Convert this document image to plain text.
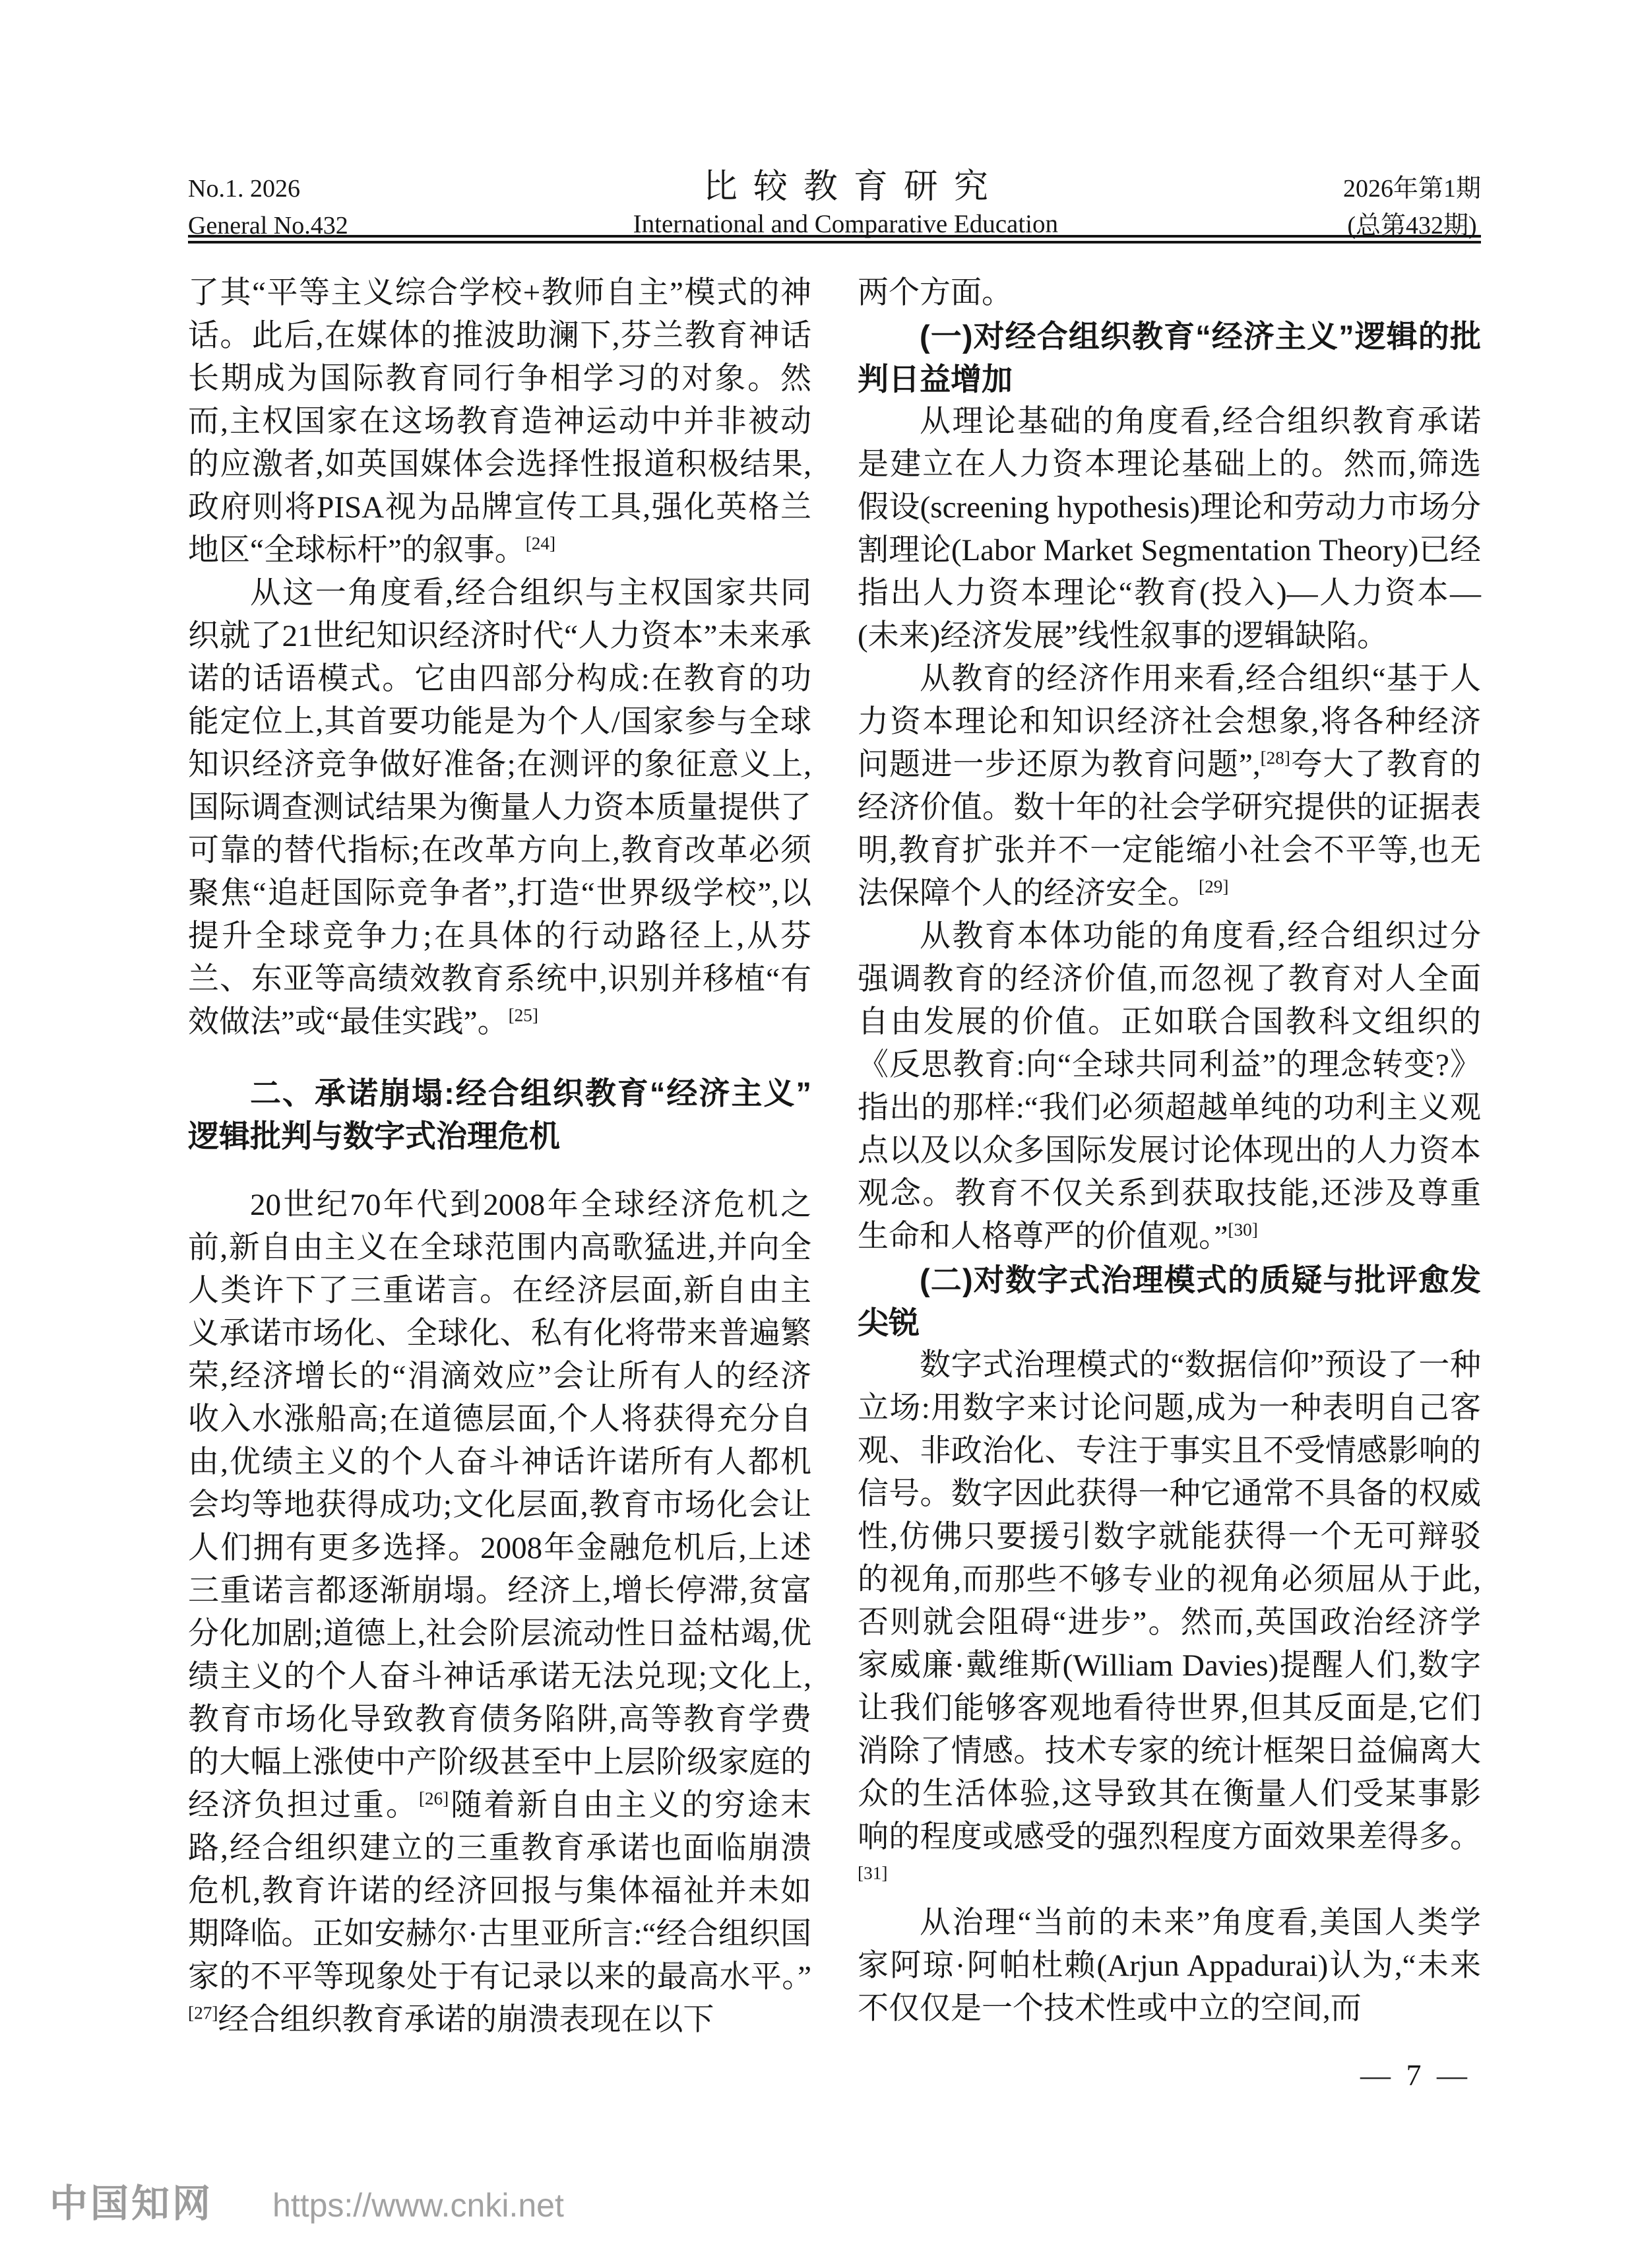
No.1. 2026
General No.432
比较教育研究
International and Comparative Education
2026年第1期
(总第432期)

了其“平等主义综合学校+教师自主”模式的神话。此后,在媒体的推波助澜下,芬兰教育神话长期成为国际教育同行争相学习的对象。然而,主权国家在这场教育造神运动中并非被动的应激者,如英国媒体会选择性报道积极结果,政府则将PISA视为品牌宣传工具,强化英格兰地区“全球标杆”的叙事。[24]

从这一角度看,经合组织与主权国家共同织就了21世纪知识经济时代“人力资本”未来承诺的话语模式。它由四部分构成:在教育的功能定位上,其首要功能是为个人/国家参与全球知识经济竞争做好准备;在测评的象征意义上,国际调查测试结果为衡量人力资本质量提供了可靠的替代指标;在改革方向上,教育改革必须聚焦“追赶国际竞争者”,打造“世界级学校”,以提升全球竞争力;在具体的行动路径上,从芬兰、东亚等高绩效教育系统中,识别并移植“有效做法”或“最佳实践”。[25]

二、承诺崩塌:经合组织教育“经济主义”逻辑批判与数字式治理危机

20世纪70年代到2008年全球经济危机之前,新自由主义在全球范围内高歌猛进,并向全人类许下了三重诺言。在经济层面,新自由主义承诺市场化、全球化、私有化将带来普遍繁荣,经济增长的“涓滴效应”会让所有人的经济收入水涨船高;在道德层面,个人将获得充分自由,优绩主义的个人奋斗神话许诺所有人都机会均等地获得成功;文化层面,教育市场化会让人们拥有更多选择。2008年金融危机后,上述三重诺言都逐渐崩塌。经济上,增长停滞,贫富分化加剧;道德上,社会阶层流动性日益枯竭,优绩主义的个人奋斗神话承诺无法兑现;文化上,教育市场化导致教育债务陷阱,高等教育学费的大幅上涨使中产阶级甚至中上层阶级家庭的经济负担过重。[26]随着新自由主义的穷途末路,经合组织建立的三重教育承诺也面临崩溃危机,教育许诺的经济回报与集体福祉并未如期降临。正如安赫尔·古里亚所言:“经合组织国家的不平等现象处于有记录以来的最高水平。”[27]经合组织教育承诺的崩溃表现在以下

两个方面。

(一)对经合组织教育“经济主义”逻辑的批判日益增加

从理论基础的角度看,经合组织教育承诺是建立在人力资本理论基础上的。然而,筛选假设(screening hypothesis)理论和劳动力市场分割理论(Labor Market Segmentation Theory)已经指出人力资本理论“教育(投入)—人力资本—(未来)经济发展”线性叙事的逻辑缺陷。

从教育的经济作用来看,经合组织“基于人力资本理论和知识经济社会想象,将各种经济问题进一步还原为教育问题”,[28]夸大了教育的经济价值。数十年的社会学研究提供的证据表明,教育扩张并不一定能缩小社会不平等,也无法保障个人的经济安全。[29]

从教育本体功能的角度看,经合组织过分强调教育的经济价值,而忽视了教育对人全面自由发展的价值。正如联合国教科文组织的《反思教育:向“全球共同利益”的理念转变?》指出的那样:“我们必须超越单纯的功利主义观点以及以众多国际发展讨论体现出的人力资本观念。教育不仅关系到获取技能,还涉及尊重生命和人格尊严的价值观。”[30]

(二)对数字式治理模式的质疑与批评愈发尖锐

数字式治理模式的“数据信仰”预设了一种立场:用数字来讨论问题,成为一种表明自己客观、非政治化、专注于事实且不受情感影响的信号。数字因此获得一种它通常不具备的权威性,仿佛只要援引数字就能获得一个无可辩驳的视角,而那些不够专业的视角必须屈从于此,否则就会阻碍“进步”。然而,英国政治经济学家威廉·戴维斯(William Davies)提醒人们,数字让我们能够客观地看待世界,但其反面是,它们消除了情感。技术专家的统计框架日益偏离大众的生活体验,这导致其在衡量人们受某事影响的程度或感受的强烈程度方面效果差得多。[31]

从治理“当前的未来”角度看,美国人类学家阿琼·阿帕杜赖(Arjun Appadurai)认为,“未来不仅仅是一个技术性或中立的空间,而

— 7 —
中国知网 https://www.cnki.net
